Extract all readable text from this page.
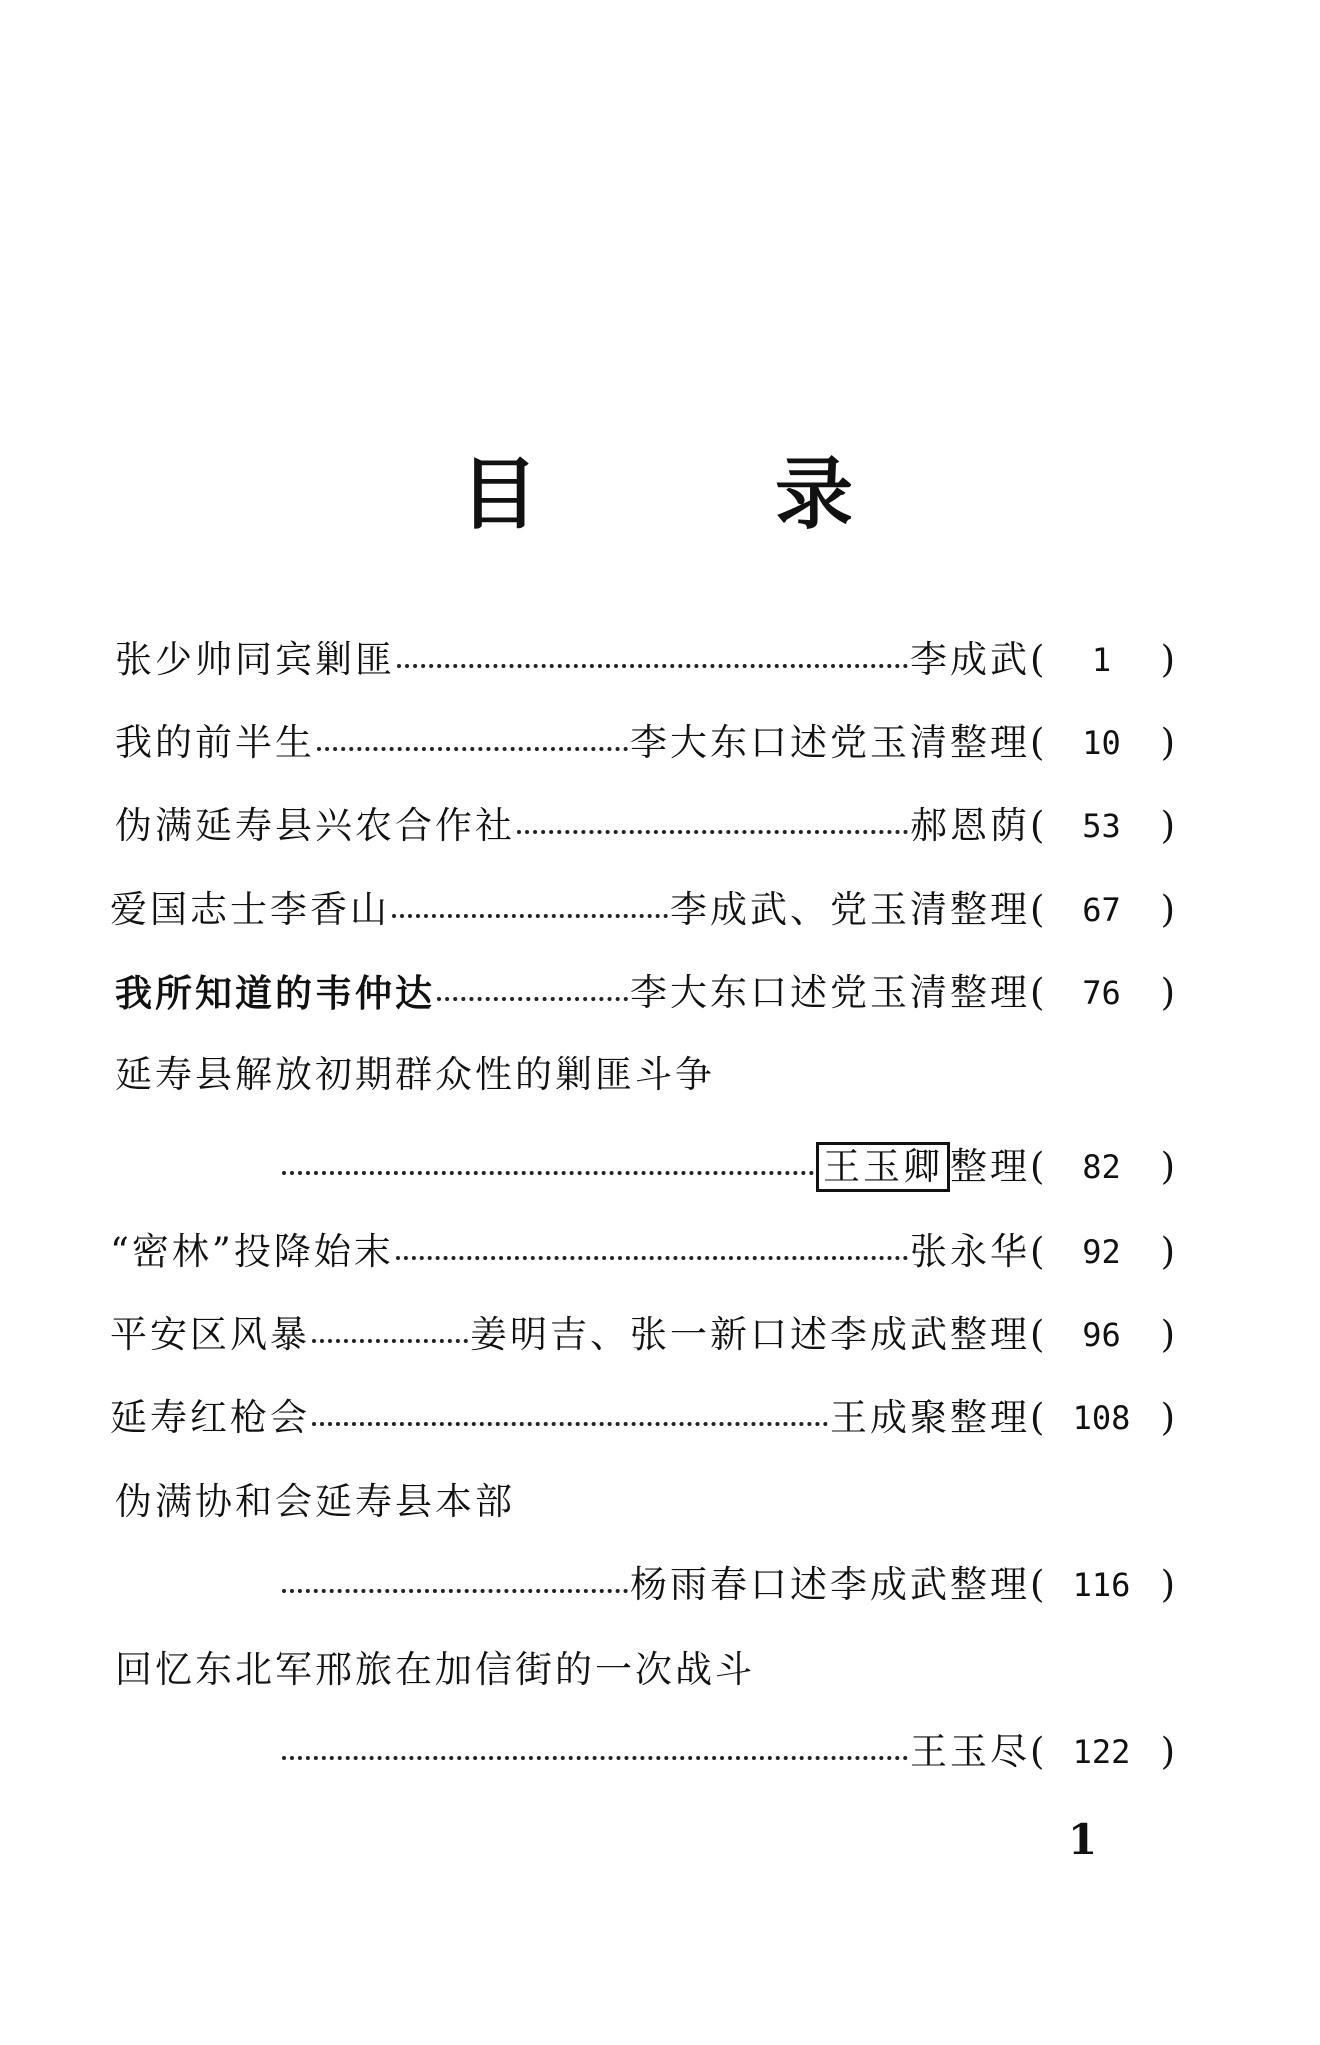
目	录
张少帅同宾剿匪	李成武 (	1	)
我的前半生	李大东口述党玉清整理 (	10	)
伪满延寿县兴农合作社	郝恩荫 (	53	)
爱国志士李香山	李成武、党玉清整理 (	67	)
我所知道的韦仲达	李大东口述党玉清整理 (	76	)
延寿县解放初期群众性的剿匪斗争
王玉卿 整理 (	82	)
“密林”投降始末	张永华 (	92	)
平安区风暴	姜明吉、张一新口述李成武整理 (	96	)
延寿红枪会	王成聚整理 ( 108 )
伪满协和会延寿县本部
杨雨春口述李成武整理 ( 116 )
回忆东北军邢旅在加信街的一次战斗
王玉尽 ( 122 )
1
